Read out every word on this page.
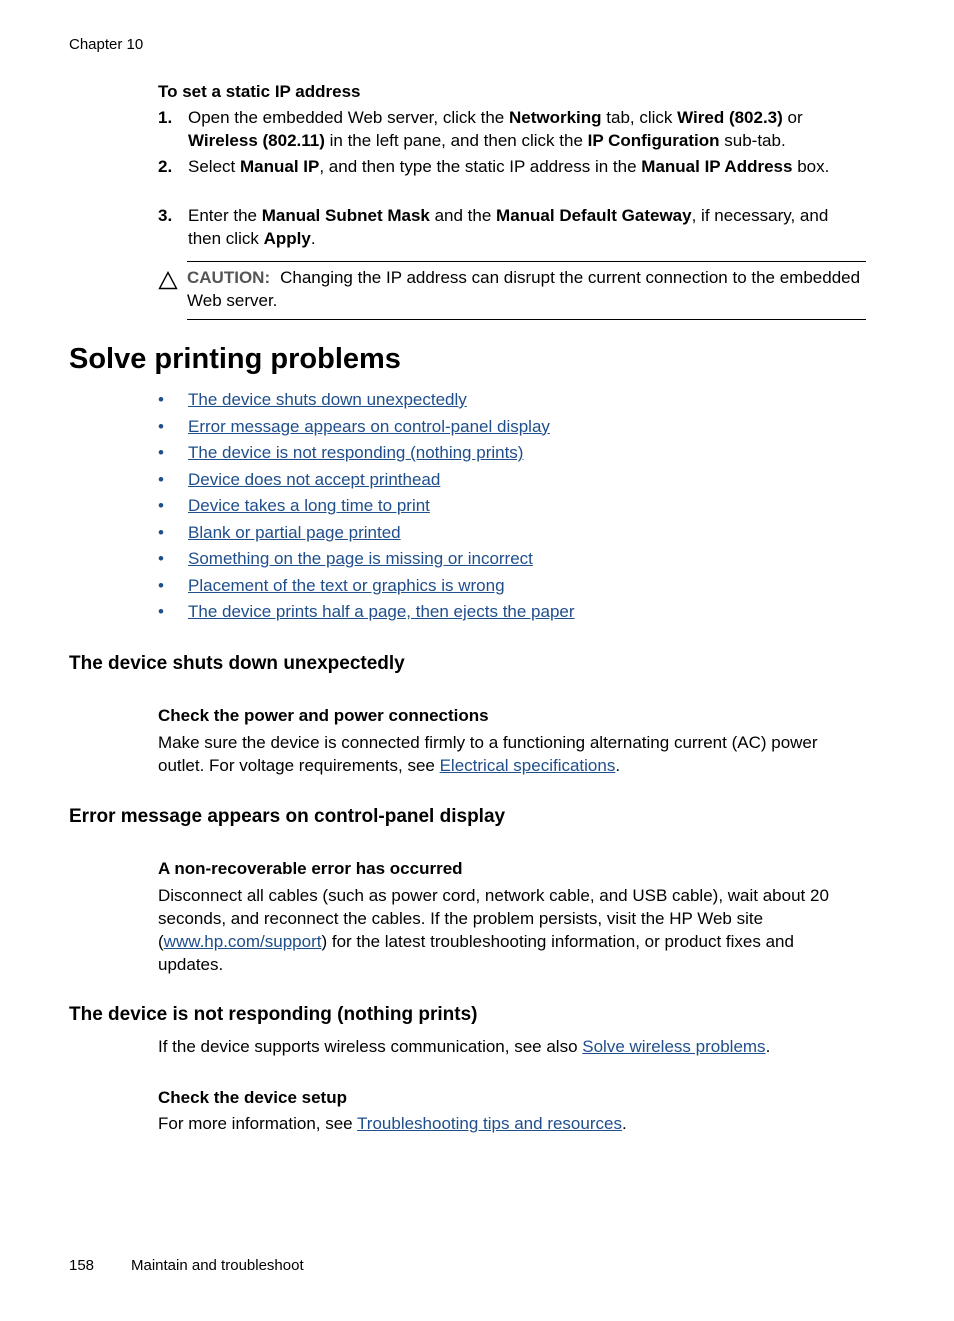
Chapter 10
To set a static IP address
1. Open the embedded Web server, click the Networking tab, click Wired (802.3) or Wireless (802.11) in the left pane, and then click the IP Configuration sub-tab.
2. Select Manual IP, and then type the static IP address in the Manual IP Address box.
3. Enter the Manual Subnet Mask and the Manual Default Gateway, if necessary, and then click Apply.
CAUTION: Changing the IP address can disrupt the current connection to the embedded Web server.
Solve printing problems
• The device shuts down unexpectedly
• Error message appears on control-panel display
• The device is not responding (nothing prints)
• Device does not accept printhead
• Device takes a long time to print
• Blank or partial page printed
• Something on the page is missing or incorrect
• Placement of the text or graphics is wrong
• The device prints half a page, then ejects the paper
The device shuts down unexpectedly
Check the power and power connections
Make sure the device is connected firmly to a functioning alternating current (AC) power outlet. For voltage requirements, see Electrical specifications.
Error message appears on control-panel display
A non-recoverable error has occurred
Disconnect all cables (such as power cord, network cable, and USB cable), wait about 20 seconds, and reconnect the cables. If the problem persists, visit the HP Web site (www.hp.com/support) for the latest troubleshooting information, or product fixes and updates.
The device is not responding (nothing prints)
If the device supports wireless communication, see also Solve wireless problems.
Check the device setup
For more information, see Troubleshooting tips and resources.
158 Maintain and troubleshoot
